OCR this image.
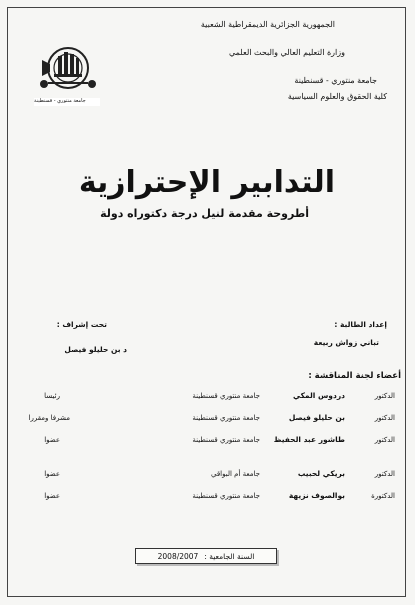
الجمهورية الجزائرية الديمقراطية الشعبية
وزارة التعليم العالي والبحث العلمي
جامعة منتوري - قسنطينة
كلية الحقوق والعلوم السياسية
جامعة منتوري - قسنطينة
التدابير الإحترازية
أطروحة مقدمة لنيل درجة دكتوراه دولة
إعداد الطالبة :
تباني زواش ربيعة
تحت إشراف :
د بن حليلو فيصل
أعضاء لجنة المناقشة :
الدكتور
دردوس المكي
جامعة منتوري قسنطينة
رئيسا
الدكتور
بن حليلو فيصل
جامعة منتوري قسنطينة
مشرفا ومقررا
الدكتور
طاشور عبد الحفيظ
جامعة منتوري قسنطينة
عضوا
الدكتور
بريكي لحبيب
جامعة أم البواقي
عضوا
الدكتورة
بوالصوف نزيهة
جامعة منتوري قسنطينة
عضوا
السنة الجامعية :
2008/2007
